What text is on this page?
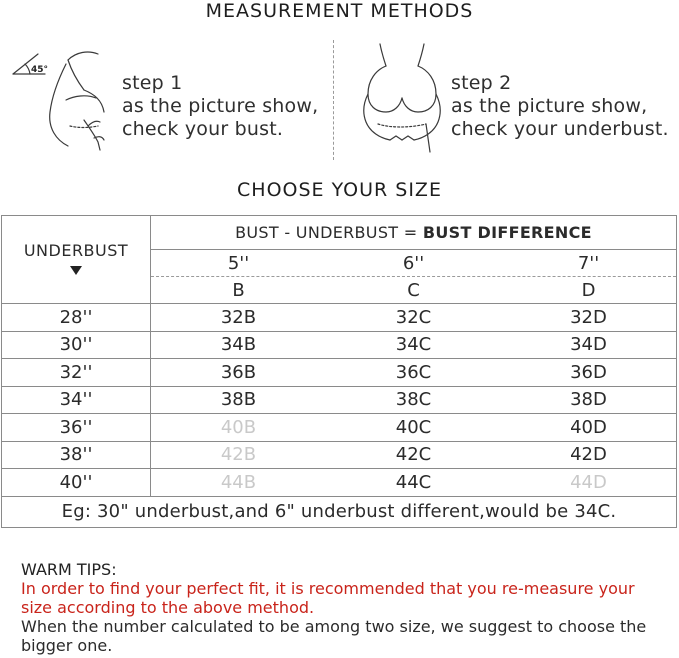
MEASUREMENT METHODS
45°
step 1
as the picture show,
check your bust.
step 2
as the picture show,
check your underbust.
CHOOSE YOUR SIZE
UNDERBUST	BUST - UNDERBUST = BUST DIFFERENCE

	5'' 6'' 7''

	B C D

28''	32B 32C 32D

30''	34B 34C 34D

32''	36B 36C 36D

34''	38B 38C 38D

36''	40B 40C 40D

38''	42B 42C 42D

40''	44B 44C 44D

Eg: 30" underbust,and 6" underbust different,would be 34C.	
WARM TIPS:
In order to find your perfect fit, it is recommended that you re-measure your size according to the above method.
When the number calculated to be among two size, we suggest to choose the bigger one.
